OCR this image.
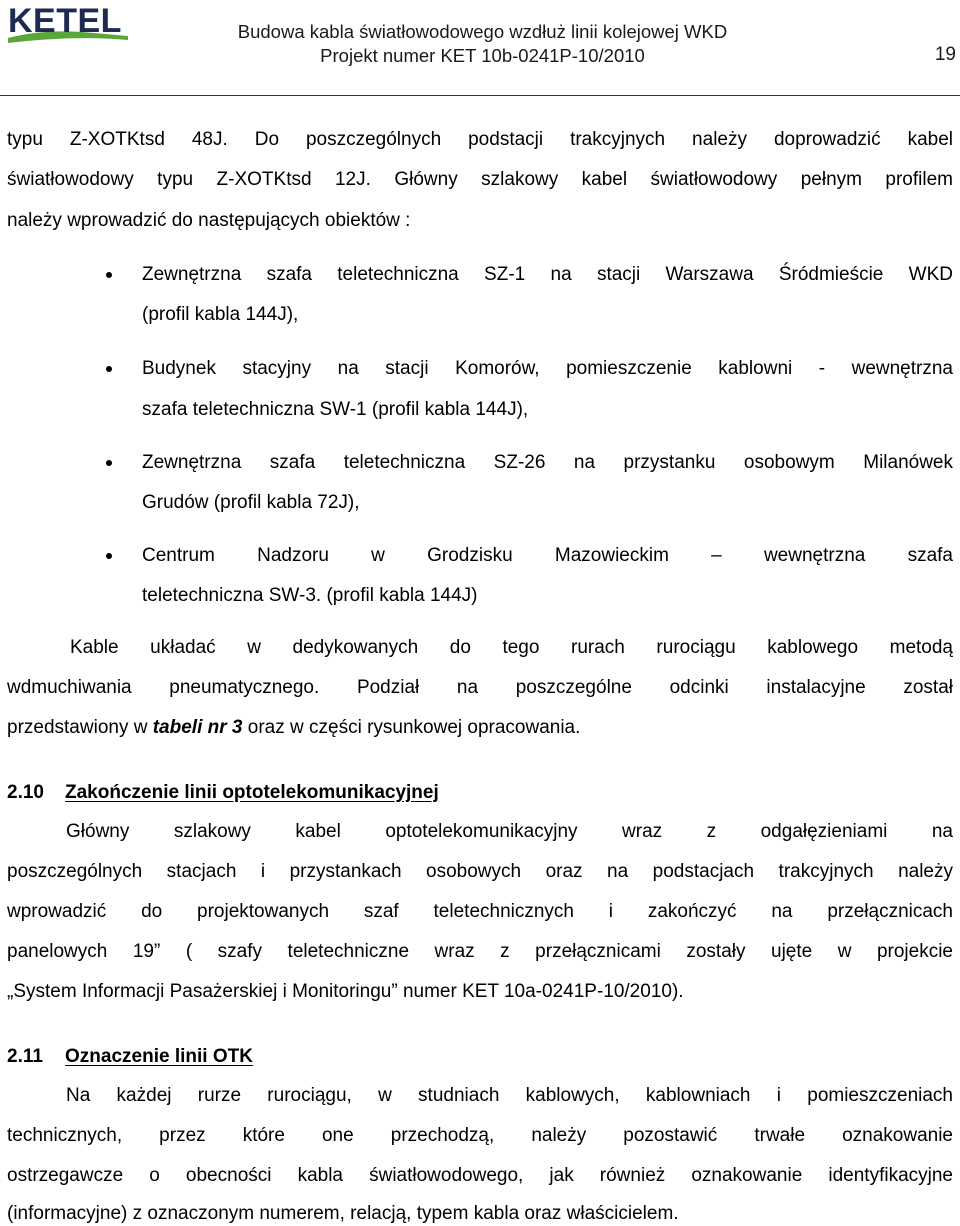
KETEL	Budowa kabla światłowodowego wzdłuż linii kolejowej WKD
Projekt numer KET 10b-0241P-10/2010	19
typu Z-XOTKtsd 48J. Do poszczególnych podstacji trakcyjnych należy doprowadzić kabel
światłowodowy typu Z-XOTKtsd 12J. Główny szlakowy kabel światłowodowy pełnym profilem
należy wprowadzić do następujących obiektów :
Zewnętrzna szafa teletechniczna SZ-1 na stacji Warszawa Śródmieście WKD
(profil kabla 144J),
Budynek stacyjny na stacji Komorów, pomieszczenie kablowni - wewnętrzna
szafa teletechniczna SW-1 (profil kabla 144J),
Zewnętrzna szafa teletechniczna SZ-26 na przystanku osobowym Milanówek
Grudów (profil kabla 72J),
Centrum Nadzoru w Grodzisku Mazowieckim – wewnętrzna szafa
teletechniczna SW-3. (profil kabla 144J)
Kable układać w dedykowanych do tego rurach rurociągu kablowego metodą
wdmuchiwania pneumatycznego. Podział na poszczególne odcinki instalacyjne został
przedstawiony w tabeli nr 3 oraz w części rysunkowej opracowania.
2.10 Zakończenie linii optotelekomunikacyjnej
Główny szlakowy kabel optotelekomunikacyjny wraz z odgałęzieniami na
poszczególnych stacjach i przystankach osobowych oraz na podstacjach trakcyjnych należy
wprowadzić do projektowanych szaf teletechnicznych i zakończyć na przełącznicach
panelowych 19” ( szafy teletechniczne wraz z przełącznicami zostały ujęte w projekcie
„System Informacji Pasażerskiej i Monitoringu” numer KET 10a-0241P-10/2010).
2.11 Oznaczenie linii OTK
Na każdej rurze rurociągu, w studniach kablowych, kablowniach i pomieszczeniach
technicznych, przez które one przechodzą, należy pozostawić trwałe oznakowanie
ostrzegawcze o obecności kabla światłowodowego, jak również oznakowanie identyfikacyjne
(informacyjne) z oznaczonym numerem, relacją, typem kabla oraz właścicielem.
